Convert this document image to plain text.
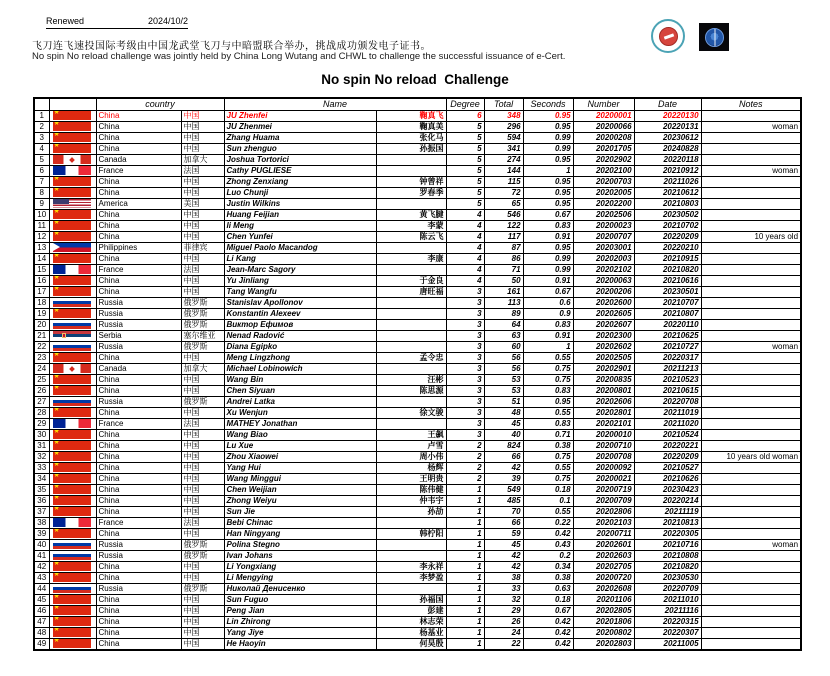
Renewed	2024/10/2
飞刀连飞速投国际考级由中国龙武堂飞刀与中暗盟联合举办，挑战成功颁发电子证书。
No spin No reload challenge was jointly held by China Long Wutang and CHWL to challenge the successful issuance of e-Cert.
No spin No reload  Challenge
		country		Name		Degree	Total	Seconds	Number	Date	Notes
1		China	中国	JU Zhenfei	鞠真飞	6	348	0.95	20200001	20220130	
2		China	中国	JU Zhenmei	鞠真美	5	296	0.95	20200066	20220131	woman
3		China	中国	Zhang Huama	张化马	5	594	0.99	20200208	20230612	
4		China	中国	Sun zhenguo	孙振国	5	341	0.99	20201705	20240828	
5		Canada	加拿大	Joshua Tortorici		5	274	0.95	20202902	20220118	
6		France	法国	Cathy PUGLIESE		5	144	1	20202100	20210912	woman
7		China	中国	Zhong Zenxiang	钟曾祥	5	115	0.95	20200703	20211026	
8		China	中国	Luo Chunji	罗春季	5	72	0.95	20202005	20210612	
9		America	美国	Justin Wilkins		5	65	0.95	20202200	20210803	
10		China	中国	Huang Feijian	黄飞腱	4	546	0.67	20202506	20230502	
11		China	中国	li Meng	李蒙	4	122	0.83	20200023	20210702	
12		China	中国	Chen Yunfei	陈云飞	4	117	0.91	20200707	20220209	10 years old
13		Philippines	菲律宾	Miguel Paolo Macandog		4	87	0.95	20203001	20220210	
14		China	中国	Li Kang	李康	4	86	0.99	20202003	20210915	
15		France	法国	Jean-Marc Sagory		4	71	0.99	20202102	20210820	
16		China	中国	Yu Jinliang	于金良	4	50	0.91	20200063	20210616	
17		China	中国	Tang Wangfu	唐旺福	3	161	0.67	20200206	20230501	
18		Russia	俄罗斯	Stanislav Apollonov		3	113	0.6	20202600	20210707	
19		Russia	俄罗斯	Konstantin Alexeev		3	89	0.9	20202605	20210807	
20		Russia	俄罗斯	Виктор Ефимов		3	64	0.83	20202607	20220110	
21		Serbia	塞尔维亚	Nenad Radović		3	63	0.91	20202300	20210625	
22		Russia	俄罗斯	Diana Egipko		3	60	1	20202602	20210727	woman
23		China	中国	Meng Lingzhong	孟令忠	3	56	0.55	20202505	20220317	
24		Canada	加拿大	Michael Lobinowich		3	56	0.75	20202901	20211213	
25		China	中国	Wang Bin	汪彬	3	53	0.75	20200835	20210523	
26		China	中国	Chen Siyuan	陈思源	3	53	0.83	20200801	20210615	
27		Russia	俄罗斯	Andrei Latka		3	51	0.95	20202606	20220708	
28		China	中国	Xu Wenjun	徐文骏	3	48	0.55	20202801	20211019	
29		France	法国	MATHEY Jonathan		3	45	0.83	20202101	20211020	
30		China	中国	Wang Biao	王飙	3	40	0.71	20200010	20210524	
31		China	中国	Lu Xue	卢雪	2	824	0.38	20200710	20220221	
32		China	中国	Zhou Xiaowei	周小伟	2	66	0.75	20200708	20220209	10 years old woman
33		China	中国	Yang Hui	杨辉	2	42	0.55	20200092	20210527	
34		China	中国	Wang Minggui	王明贵	2	39	0.75	20200021	20210626	
35		China	中国	Chen Weijian	陈伟健	1	549	0.18	20200719	20230423	
36		China	中国	Zhong Weiyu	仲韦宇	1	485	0.1	20200709	20220214	
37		China	中国	Sun Jie	孙劼	1	70	0.55	20202806	20211119	
38		France	法国	Bebi Chinac		1	66	0.22	20202103	20210813	
39		China	中国	Han Ningyang	韩柠阳	1	59	0.42	20200711	20220305	
40		Russia	俄罗斯	Polina Stegno		1	45	0.43	20202601	20210716	woman
41		Russia	俄罗斯	Ivan Johans		1	42	0.2	20202603	20210808	
42		China	中国	Li Yongxiang	李永祥	1	42	0.34	20202705	20210820	
43		China	中国	Li Mengying	李梦盈	1	38	0.38	20200720	20230530	
44		Russia	俄罗斯	Николай Денисенко		1	33	0.63	20202608	20220709	
45		China	中国	Sun Fuguo	孙福国	1	32	0.18	20201106	20211010	
46		China	中国	Peng Jian	彭建	1	29	0.67	20202805	20211116	
47		China	中国	Lin Zhirong	林志荣	1	26	0.42	20201806	20220315	
48		China	中国	Yang Jiye	杨基业	1	24	0.42	20200802	20220307	
49		China	中国	He Haoyin	何昊殷	1	22	0.42	20202803	20211005	
